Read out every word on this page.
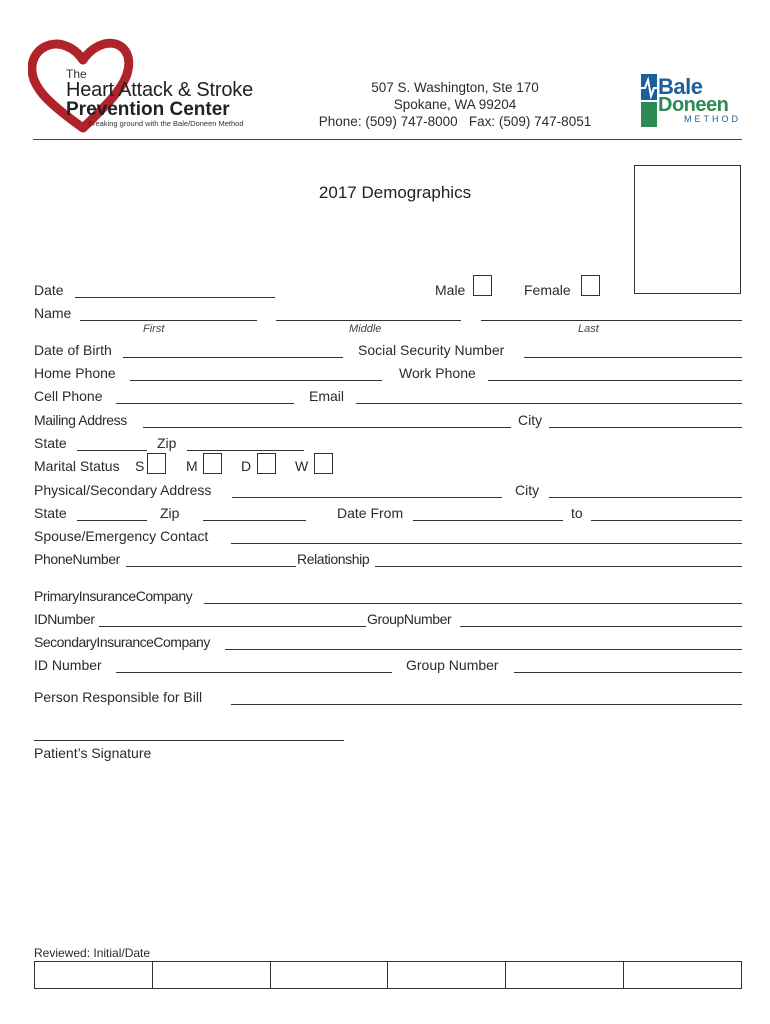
The
Heart Attack & Stroke
Prevention Center
Breaking ground with the Bale/Doneen Method
507 S. Washington, Ste 170
Spokane, WA 99204
Phone: (509) 747-8000   Fax: (509) 747-8051
Bale
Doneen
METHOD
2017 Demographics
Date	Male	Female
Name
First	Middle	Last
Date of Birth	Social Security Number
Home Phone	Work Phone
Cell Phone	Email
Mailing Address	City
State	Zip
Marital Status S	M	D	W
Physical/Secondary Address	City
State	Zip	Date From	to
Spouse/Emergency Contact
PhoneNumber	Relationship
PrimaryInsuranceCompany
IDNumber	GroupNumber
SecondaryInsuranceCompany
ID Number	Group Number
Person Responsible for Bill
Patient’s Signature
Reviewed: Initial/Date
